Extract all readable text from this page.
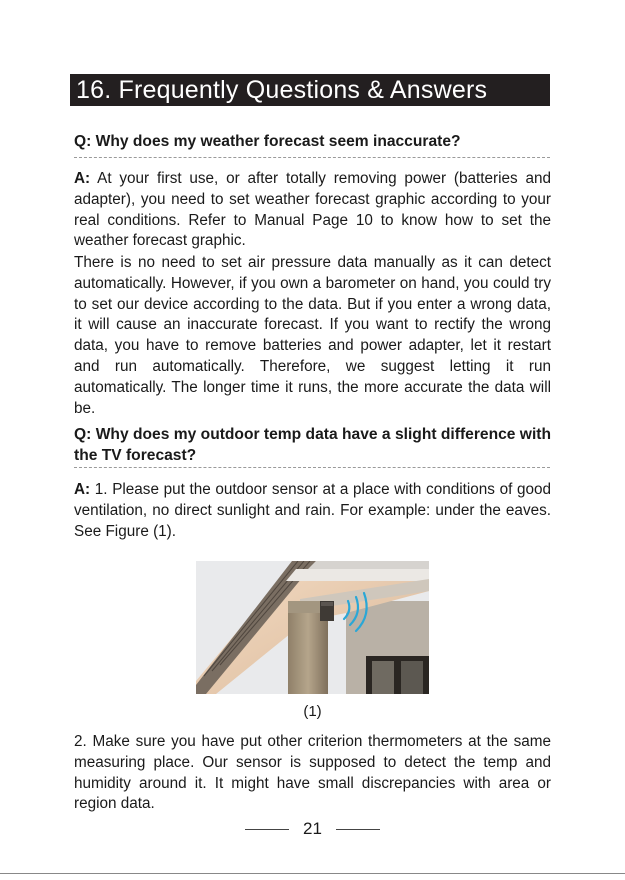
16. Frequently Questions & Answers
Q: Why does my weather forecast seem inaccurate?
A: At your first use, or after totally removing power (batteries and adapter), you need to set weather forecast graphic according to your real conditions. Refer to Manual Page 10 to know how to set the weather forecast graphic.
There is no need to set air pressure data manually as it can detect automatically. However, if you own a barometer on hand, you could try to set our device according to the data. But if you enter a wrong data, it will cause an inaccurate forecast. If you want to rectify the wrong data, you have to remove batteries and power adapter, let it restart and run automatically. Therefore, we suggest letting it run automatically. The longer time it runs, the more accurate the data will be.
Q: Why does my outdoor temp data have a slight difference with the TV forecast?
A: 1. Please put the outdoor sensor at a place with conditions of good ventilation, no direct sunlight and rain. For example: under the eaves. See Figure (1).
(1)
2. Make sure you have put other criterion thermometers at the same measuring place. Our sensor is supposed to detect the temp and humidity around it. It might have small discrepancies with area or region data.
21
